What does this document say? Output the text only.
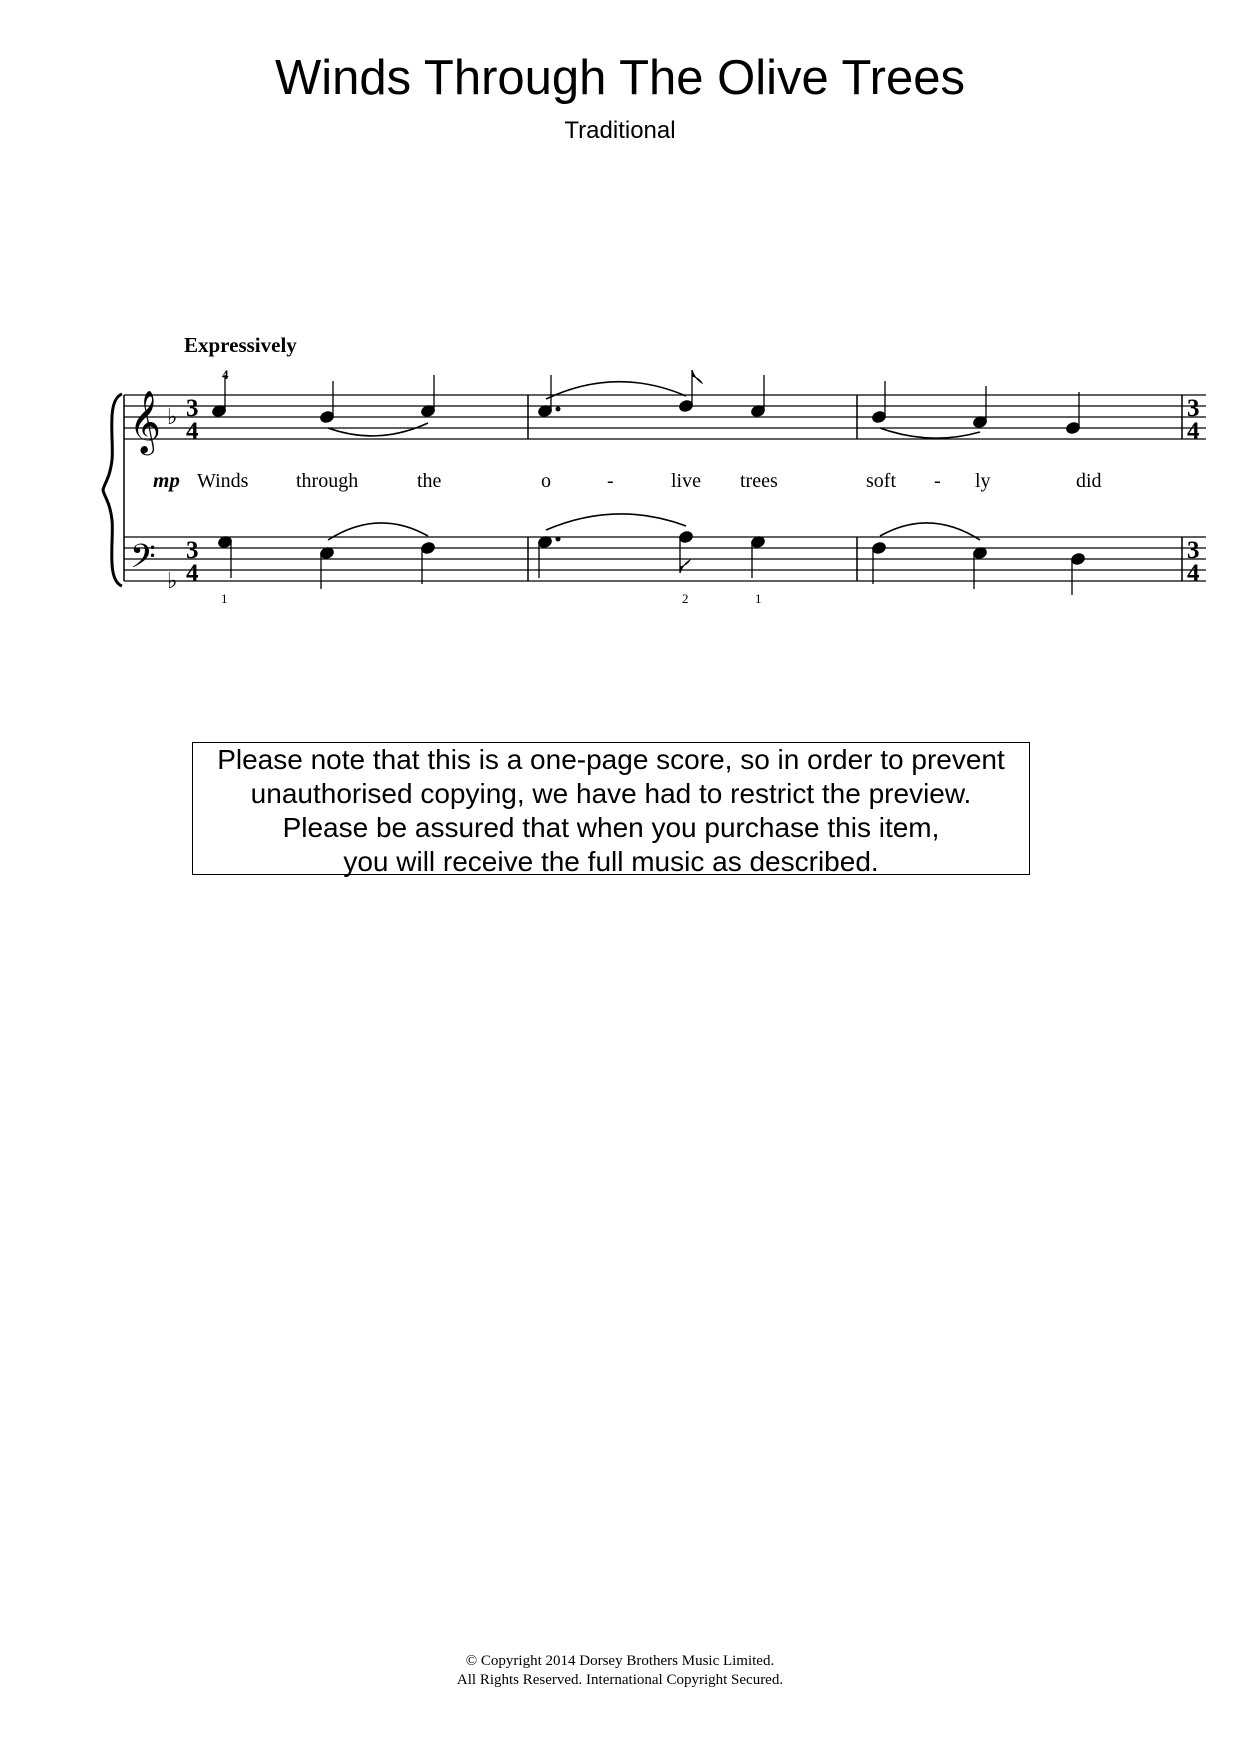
Winds Through The Olive Trees
Traditional
Expressively
𝄞
𝄢
♭
♭
3
4
3
4
3
4
3
4
4
mp Winds through	the	o	-	live trees	soft - ly	did
1	2	1
Please note that this is a one-page score, so in order to prevent
unauthorised copying, we have had to restrict the preview.
Please be assured that when you purchase this item,
you will receive the full music as described.
© Copyright 2014 Dorsey Brothers Music Limited.
All Rights Reserved. International Copyright Secured.
